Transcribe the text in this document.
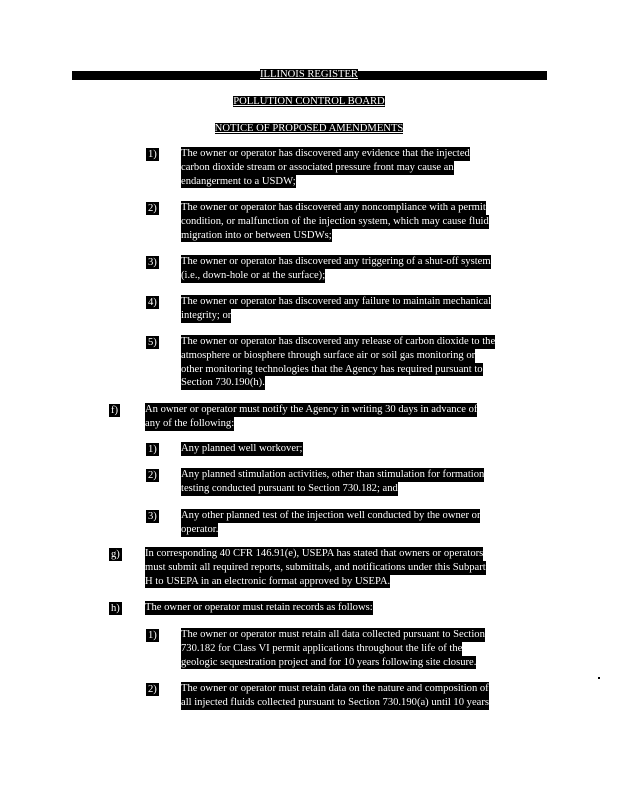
ILLINOIS REGISTER
POLLUTION CONTROL BOARD
NOTICE OF PROPOSED AMENDMENTS
1) The owner or operator has discovered any evidence that the injected
carbon dioxide stream or associated pressure front may cause an
endangerment to a USDW;
2) The owner or operator has discovered any noncompliance with a permit
condition, or malfunction of the injection system, which may cause fluid
migration into or between USDWs;
3) The owner or operator has discovered any triggering of a shut-off system
(i.e., down-hole or at the surface);
4) The owner or operator has discovered any failure to maintain mechanical
integrity; or
5) The owner or operator has discovered any release of carbon dioxide to the
atmosphere or biosphere through surface air or soil gas monitoring or
other monitoring technologies that the Agency has required pursuant to
Section 730.190(h).
f)	An owner or operator must notify the Agency in writing 30 days in advance of
any of the following:
1) Any planned well workover;
2) Any planned stimulation activities, other than stimulation for formation
testing conducted pursuant to Section 730.182; and
3) Any other planned test of the injection well conducted by the owner or
operator.
g) In corresponding 40 CFR 146.91(e), USEPA has stated that owners or operators
must submit all required reports, submittals, and notifications under this Subpart
H to USEPA in an electronic format approved by USEPA.
h) The owner or operator must retain records as follows:
1) The owner or operator must retain all data collected pursuant to Section
730.182 for Class VI permit applications throughout the life of the
geologic sequestration project and for 10 years following site closure.
2) The owner or operator must retain data on the nature and composition of
all injected fluids collected pursuant to Section 730.190(a) until 10 years
